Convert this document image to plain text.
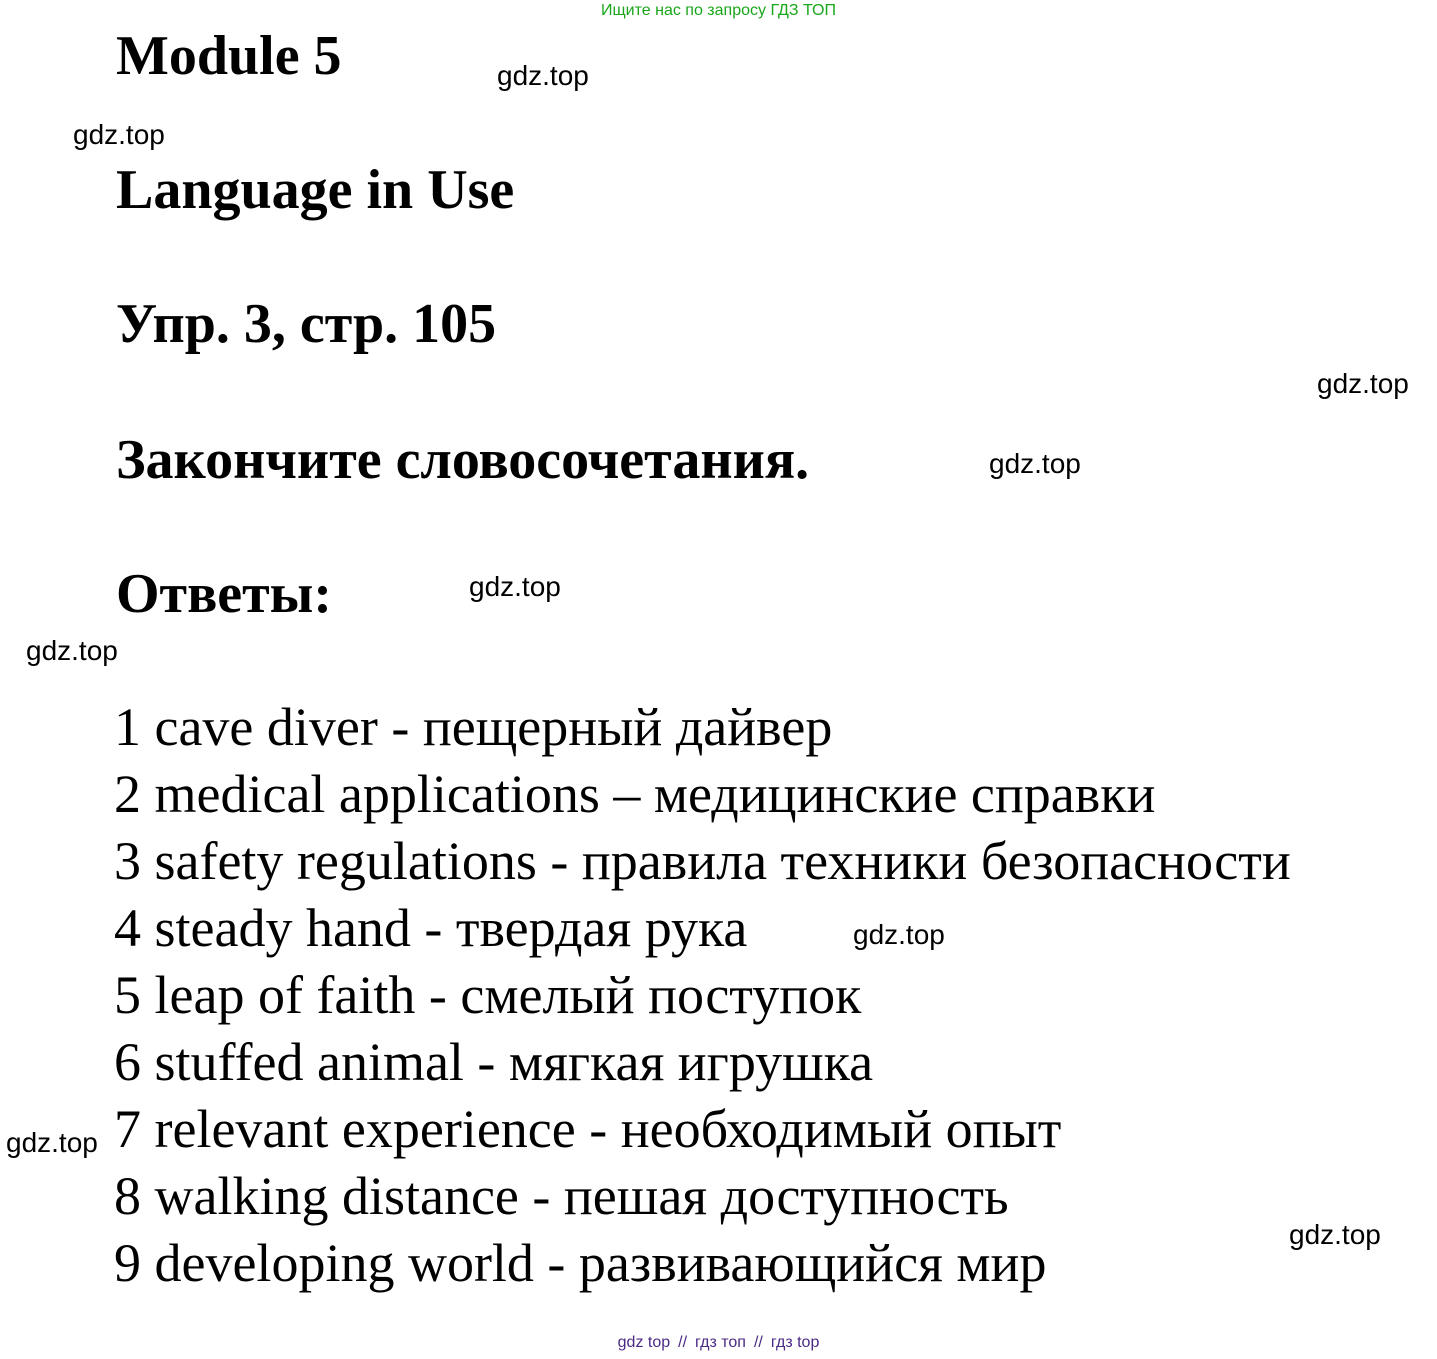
Ищите нас по запросу ГДЗ ТОП
Module 5	gdz.top
gdz.top
Language in Use
Упр. 3, стр. 105
gdz.top
Закончите словосочетания.	gdz.top
Ответы:	gdz.top
gdz.top
1 cave diver - пещерный дайвер
2 medical applications – медицинские справки
3 safety regulations - правила техники безопасности
4 steady hand - твердая рука
5 leap of faith - смелый поступок
6 stuffed animal - мягкая игрушка
7 relevant experience - необходимый опыт
8 walking distance - пешая доступность
9 developing world - развивающийся мир
gdz.top
gdz.top
gdz.top
gdz top // гдз топ // гдз top
